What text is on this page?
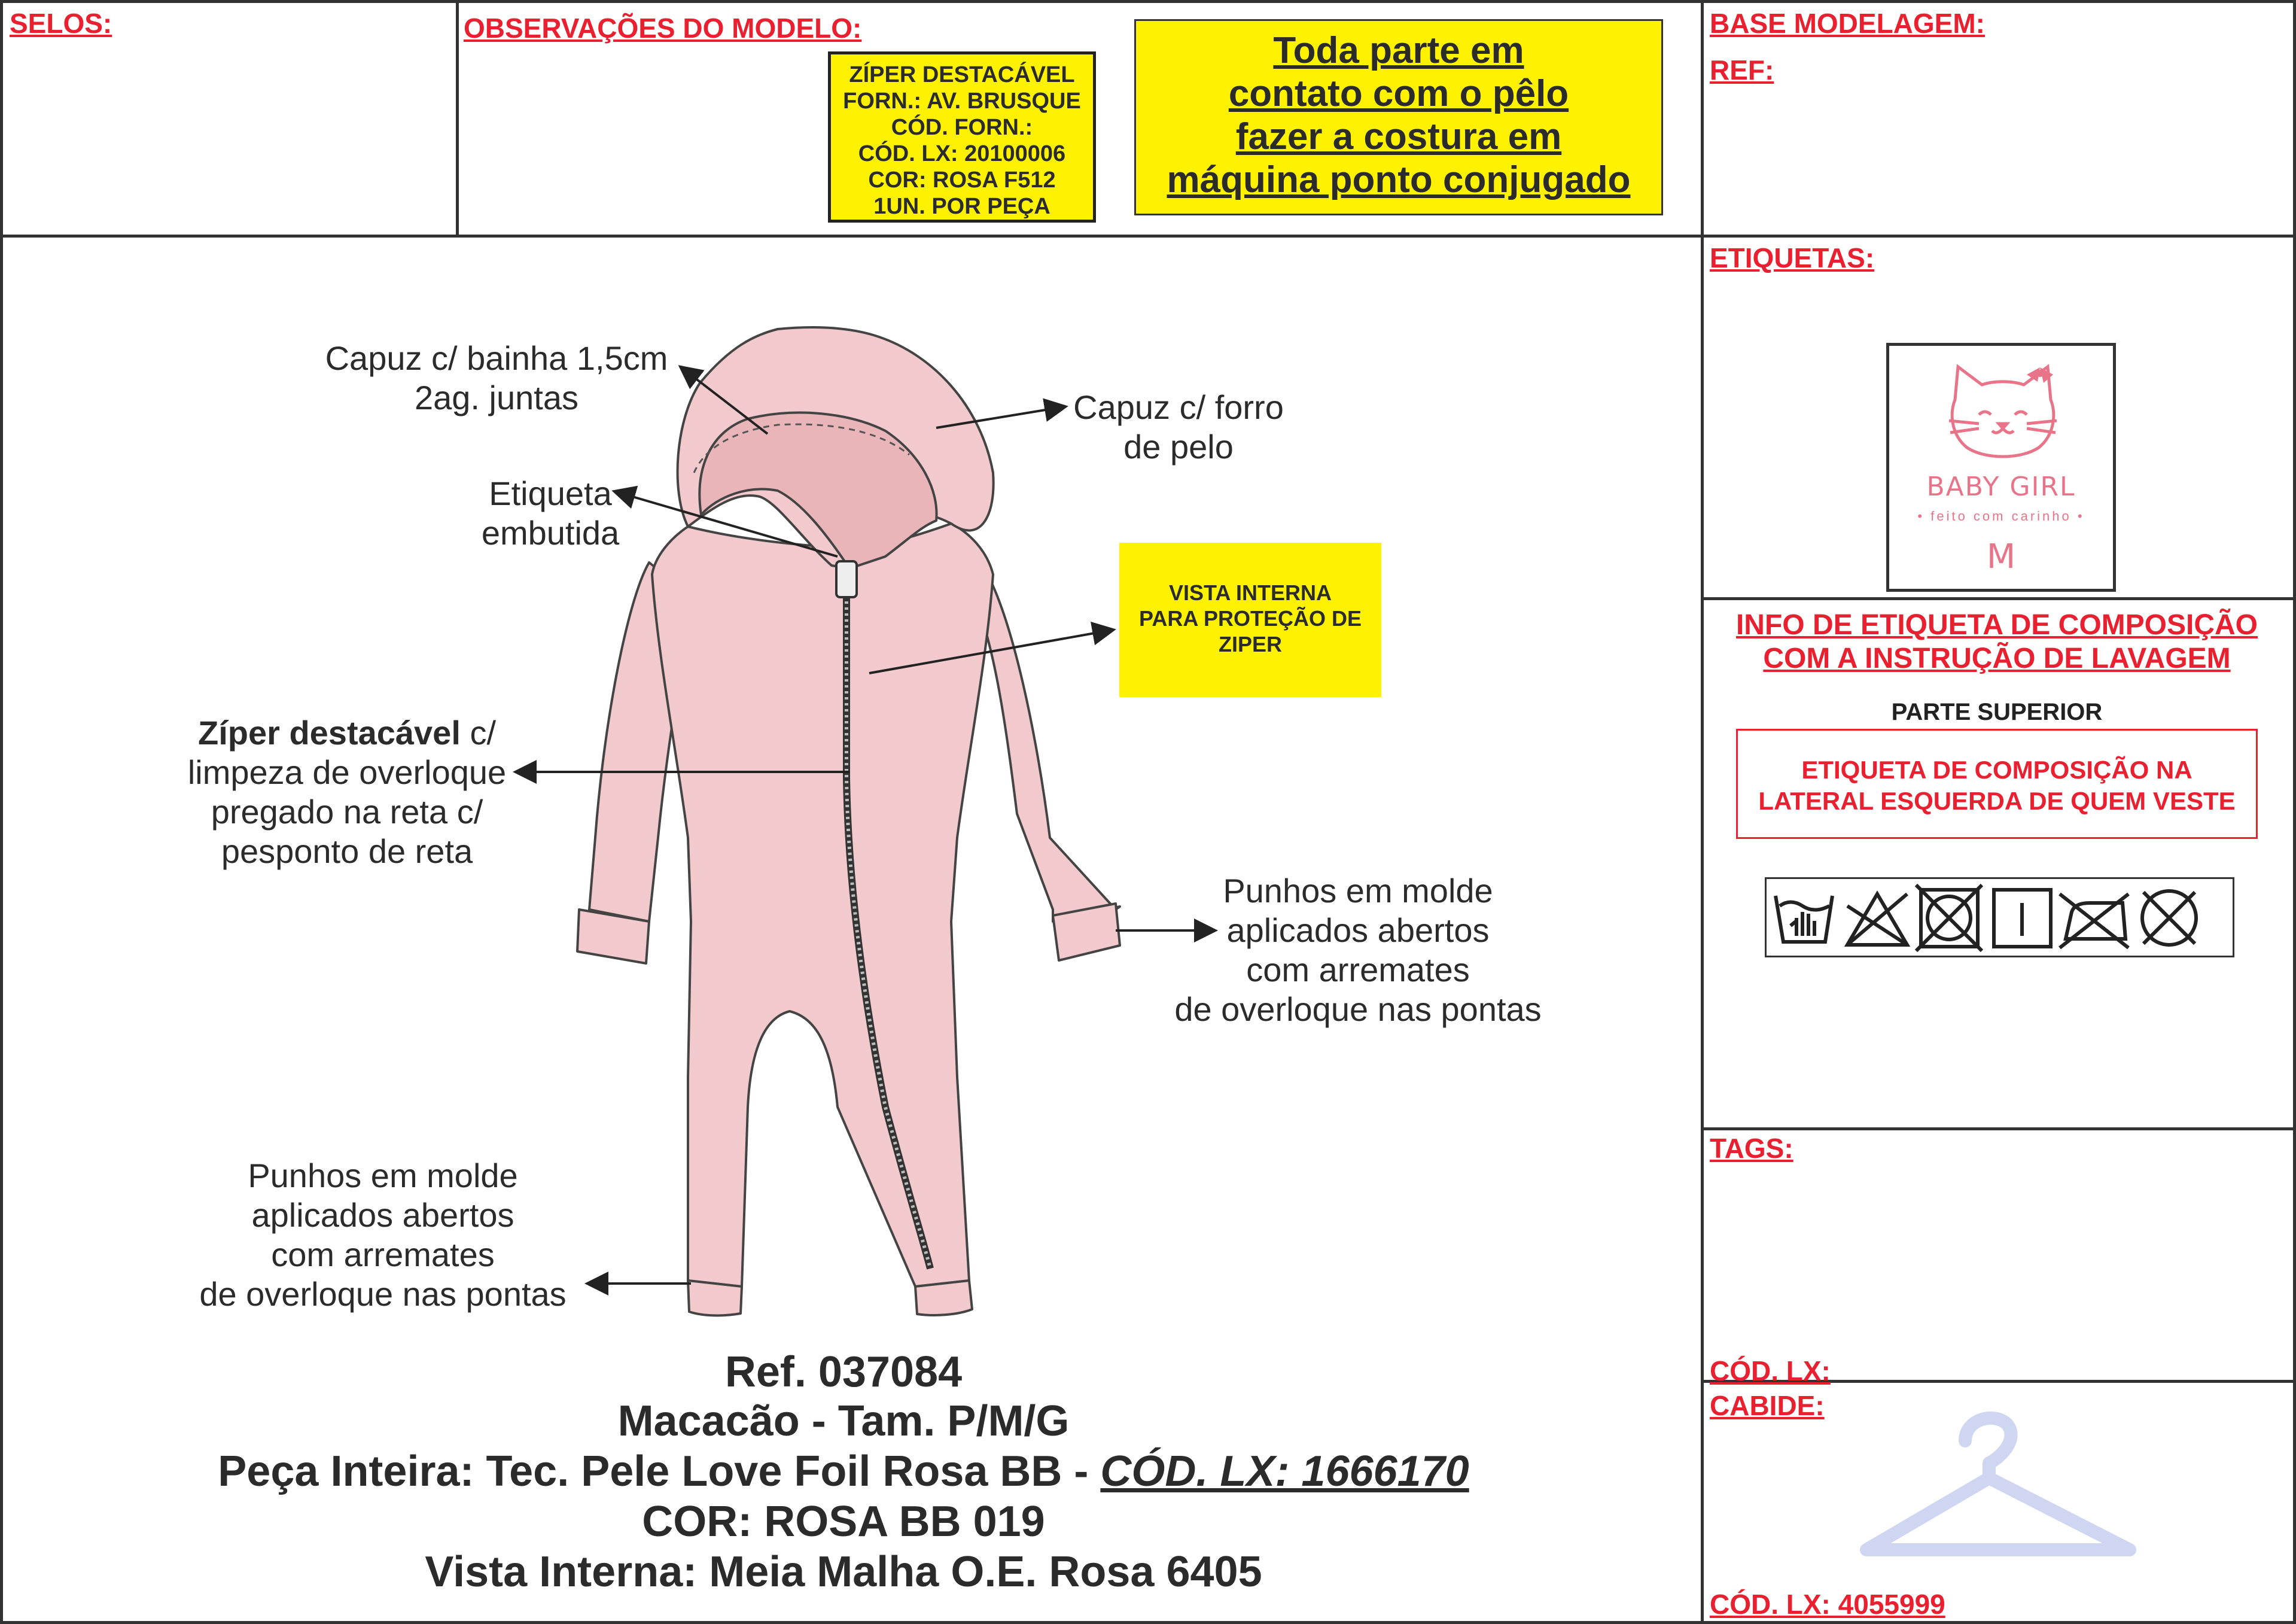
SELOS:	OBSERVAÇÕES DO MODELO:	BASE MODELAGEM:
REF:
ZÍPER DESTACÁVEL
FORN.: AV. BRUSQUE
CÓD. FORN.:
CÓD. LX: 20100006
COR: ROSA F512
1UN. POR PEÇA
Toda parte em
contato com o pêlo
fazer a costura em
máquina ponto conjugado
VISTA INTERNA
PARA PROTEÇÃO DE
ZIPER
Capuz c/ bainha 1,5cm
2ag. juntas	Capuz c/ forro
de pelo
Etiqueta
embutida
Zíper destacável c/
limpeza de overloque
pregado na reta c/
pesponto de reta
Punhos em molde
aplicados abertos
com arremates
de overloque nas pontas
Punhos em molde
aplicados abertos
com arremates
de overloque nas pontas
Ref. 037084
Macacão - Tam. P/M/G
Peça Inteira: Tec. Pele Love Foil Rosa BB - CÓD. LX: 1666170
COR: ROSA BB 019
Vista Interna: Meia Malha O.E. Rosa 6405
ETIQUETAS:
BABY GIRL
• feito com carinho •
M
INFO DE ETIQUETA DE COMPOSIÇÃO
COM A INSTRUÇÃO DE LAVAGEM
PARTE SUPERIOR
ETIQUETA DE COMPOSIÇÃO NA
LATERAL ESQUERDA DE QUEM VESTE
TAGS:
CÓD. LX:
CABIDE:
CÓD. LX: 4055999
